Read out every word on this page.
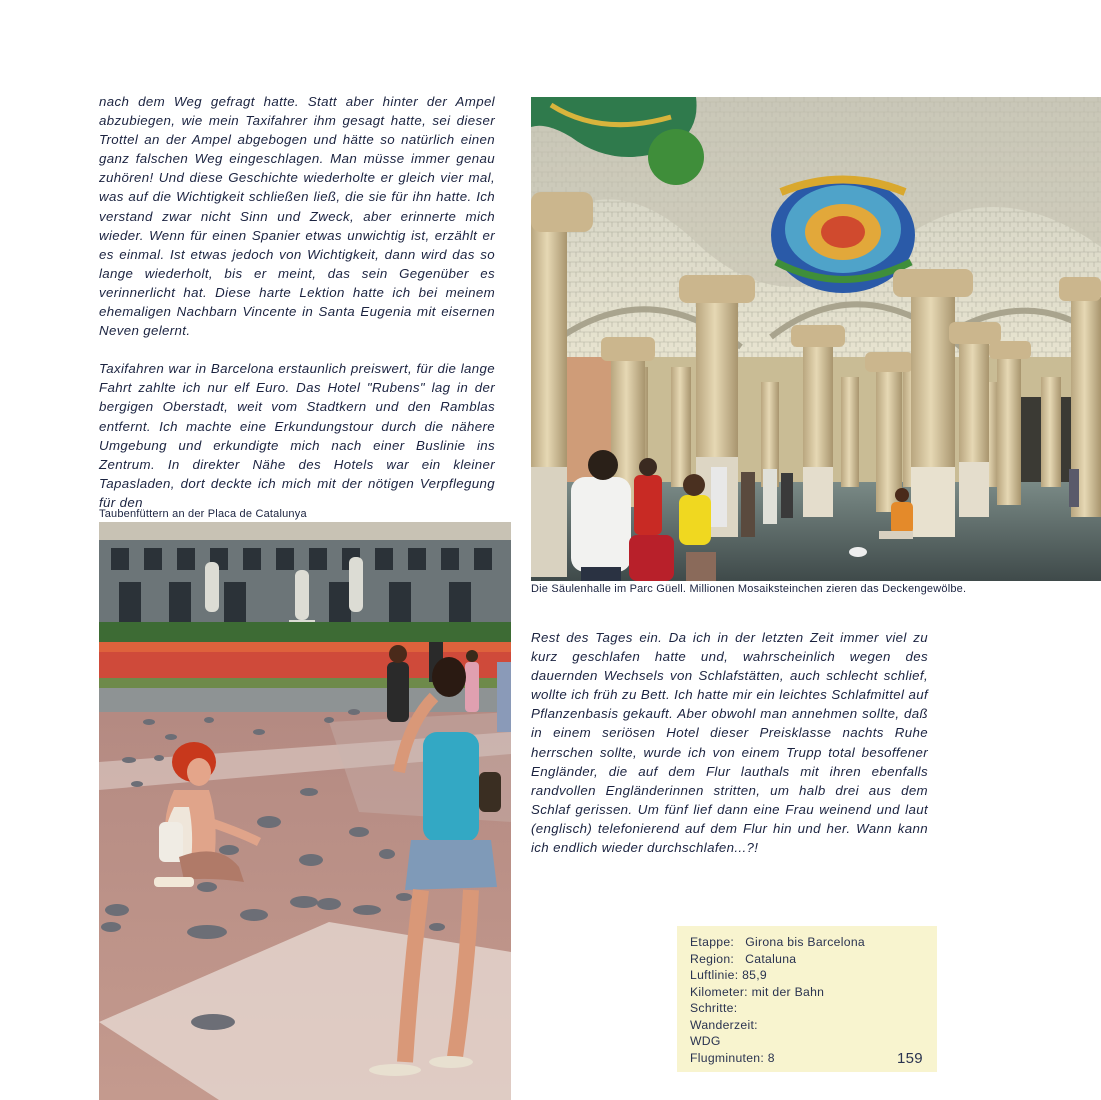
nach dem Weg gefragt hatte. Statt aber hinter der Ampel abzubiegen, wie mein Taxifahrer ihm gesagt hatte, sei dieser Trottel an der Ampel abgebogen und hätte so natürlich einen ganz falschen Weg eingeschlagen. Man müsse immer genau zuhören! Und diese Geschichte wiederholte er gleich vier mal, was auf die Wichtigkeit schließen ließ, die sie für ihn hatte. Ich verstand zwar nicht Sinn und Zweck, aber erinnerte mich wieder. Wenn für einen Spanier etwas unwichtig ist, erzählt er es einmal. Ist etwas jedoch von Wichtigkeit, dann wird das so lange wiederholt, bis er meint, das sein Gegenüber es verinnerlicht hat. Diese harte Lektion hatte ich bei meinem ehemaligen Nachbarn Vincente in Santa Eugenia mit eisernen Neven gelernt.

Taxifahren war in Barcelona erstaunlich preiswert, für die lange Fahrt zahlte ich nur elf Euro. Das Hotel "Rubens" lag in der bergigen Oberstadt, weit vom Stadtkern und den Ramblas entfernt. Ich machte eine Erkundungstour durch die nähere Umgebung und erkundigte mich nach einer Buslinie ins Zentrum. In direkter Nähe des Hotels war ein kleiner Tapasladen, dort deckte ich mich mit der nötigen Verpflegung für den

Die Säulenhalle im Parc Güell. Millionen Mosaiksteinchen zieren das Deckengewölbe.
Taubenfüttern an der Placa de Catalunya

Rest des Tages ein. Da ich in der letzten Zeit immer viel zu kurz geschlafen hatte und, wahrscheinlich wegen des dauernden Wechsels von Schlafstätten, auch schlecht schlief, wollte ich früh zu Bett. Ich hatte mir ein leichtes Schlafmittel auf Pflanzenbasis gekauft. Aber obwohl man annehmen sollte, daß in einem seriösen Hotel dieser Preisklasse nachts Ruhe herrschen sollte, wurde ich von einem Trupp total besoffener Engländer, die auf dem Flur lauthals mit ihren ebenfalls randvollen Engländerinnen stritten, um halb drei aus dem Schlaf gerissen. Um fünf lief dann eine Frau weinend und laut (englisch) telefonierend auf dem Flur hin und her. Wann kann ich endlich wieder durchschlafen...?!

Etappe: Girona bis Barcelona
Region: Cataluna
Luftlinie: 85,9
Kilometer: mit der Bahn
Schritte:
Wanderzeit:
WDG
Flugminuten: 8	159
